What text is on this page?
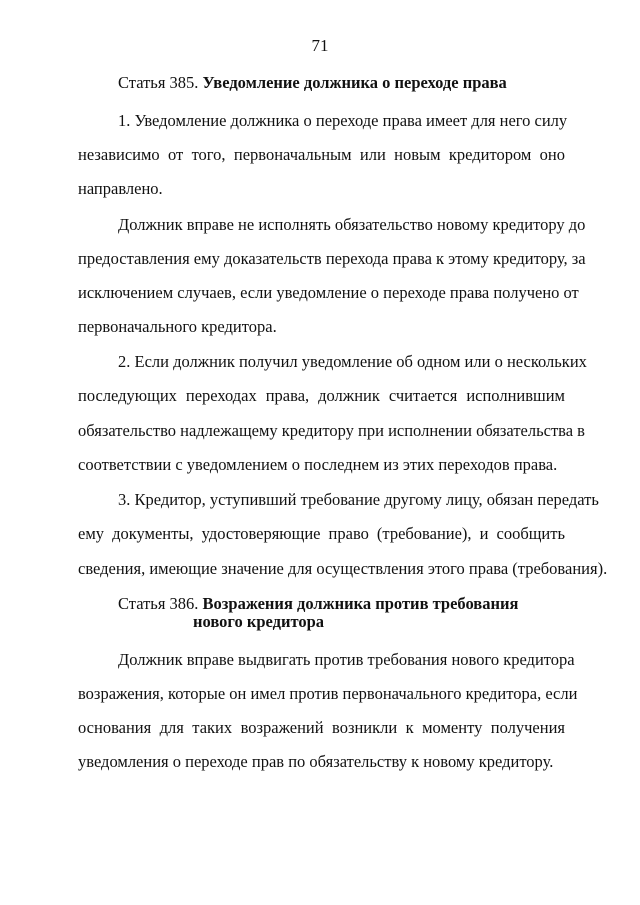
71
Статья 385. Уведомление должника о переходе права
1. Уведомление должника о переходе права имеет для него силу
независимо от того, первоначальным или новым кредитором оно
направлено.
Должник вправе не исполнять обязательство новому кредитору до
предоставления ему доказательств перехода права к этому кредитору, за
исключением случаев, если уведомление о переходе права получено от
первоначального кредитора.
2. Если должник получил уведомление об одном или о нескольких
последующих переходах права, должник считается исполнившим
обязательство надлежащему кредитору при исполнении обязательства в
соответствии с уведомлением о последнем из этих переходов права.
3. Кредитор, уступивший требование другому лицу, обязан передать
ему документы, удостоверяющие право (требование), и сообщить
сведения, имеющие значение для осуществления этого права (требования).
Статья 386. Возражения должника против требования
нового кредитора
Должник вправе выдвигать против требования нового кредитора
возражения, которые он имел против первоначального кредитора, если
основания для таких возражений возникли к моменту получения
уведомления о переходе прав по обязательству к новому кредитору.
